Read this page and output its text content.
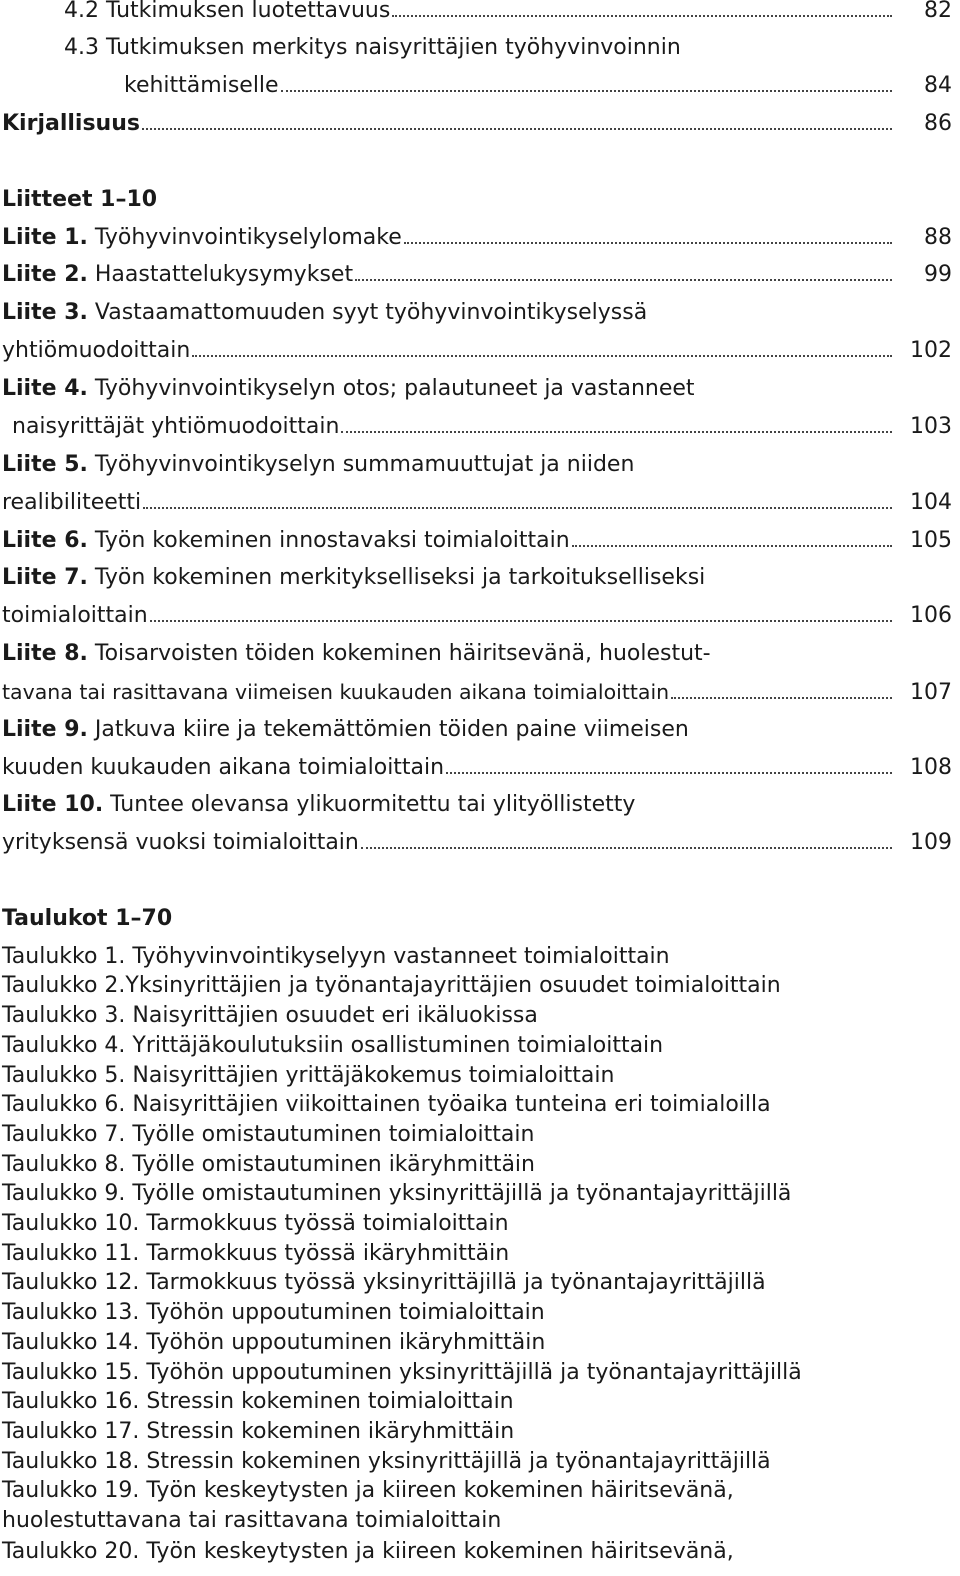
4.2 Tutkimuksen luotettavuus	82
4.3 Tutkimuksen merkitys naisyrittäjien työhyvinvoinnin
kehittämiselle	84
Kirjallisuus	86
Liitteet 1–10
Liite 1. Työhyvinvointikyselylomake	88
Liite 2. Haastattelukysymykset	99
Liite 3. Vastaamattomuuden syyt työhyvinvointikyselyssä
yhtiömuodoittain	102
Liite 4. Työhyvinvointikyselyn otos; palautuneet ja vastanneet
naisyrittäjät yhtiömuodoittain	103
Liite 5. Työhyvinvointikyselyn summamuuttujat ja niiden
realibiliteetti	104
Liite 6. Työn kokeminen innostavaksi toimialoittain	105
Liite 7. Työn kokeminen merkitykselliseksi ja tarkoitukselliseksi
toimialoittain	106
Liite 8. Toisarvoisten töiden kokeminen häiritsevänä, huolestut-
tavana tai rasittavana viimeisen kuukauden aikana toimialoittain	107
Liite 9. Jatkuva kiire ja tekemättömien töiden paine viimeisen
kuuden kuukauden aikana toimialoittain	108
Liite 10. Tuntee olevansa ylikuormitettu tai ylityöllistetty
yrityksensä vuoksi toimialoittain	109
Taulukot 1–70
Taulukko 1. Työhyvinvointikyselyyn vastanneet toimialoittain
Taulukko 2.Yksinyrittäjien ja työnantajayrittäjien osuudet toimialoittain
Taulukko 3. Naisyrittäjien osuudet eri ikäluokissa
Taulukko 4. Yrittäjäkoulutuksiin osallistuminen toimialoittain
Taulukko 5. Naisyrittäjien yrittäjäkokemus toimialoittain
Taulukko 6. Naisyrittäjien viikoittainen työaika tunteina eri toimialoilla
Taulukko 7. Työlle omistautuminen toimialoittain
Taulukko 8. Työlle omistautuminen ikäryhmittäin
Taulukko 9. Työlle omistautuminen yksinyrittäjillä ja työnantajayrittäjillä
Taulukko 10. Tarmokkuus työssä toimialoittain
Taulukko 11. Tarmokkuus työssä ikäryhmittäin
Taulukko 12. Tarmokkuus työssä yksinyrittäjillä ja työnantajayrittäjillä
Taulukko 13. Työhön uppoutuminen toimialoittain
Taulukko 14. Työhön uppoutuminen ikäryhmittäin
Taulukko 15. Työhön uppoutuminen yksinyrittäjillä ja työnantajayrittäjillä
Taulukko 16. Stressin kokeminen toimialoittain
Taulukko 17. Stressin kokeminen ikäryhmittäin
Taulukko 18. Stressin kokeminen yksinyrittäjillä ja työnantajayrittäjillä
Taulukko 19. Työn keskeytysten ja kiireen kokeminen häiritsevänä,
huolestuttavana tai rasittavana toimialoittain
Taulukko 20. Työn keskeytysten ja kiireen kokeminen häiritsevänä,
